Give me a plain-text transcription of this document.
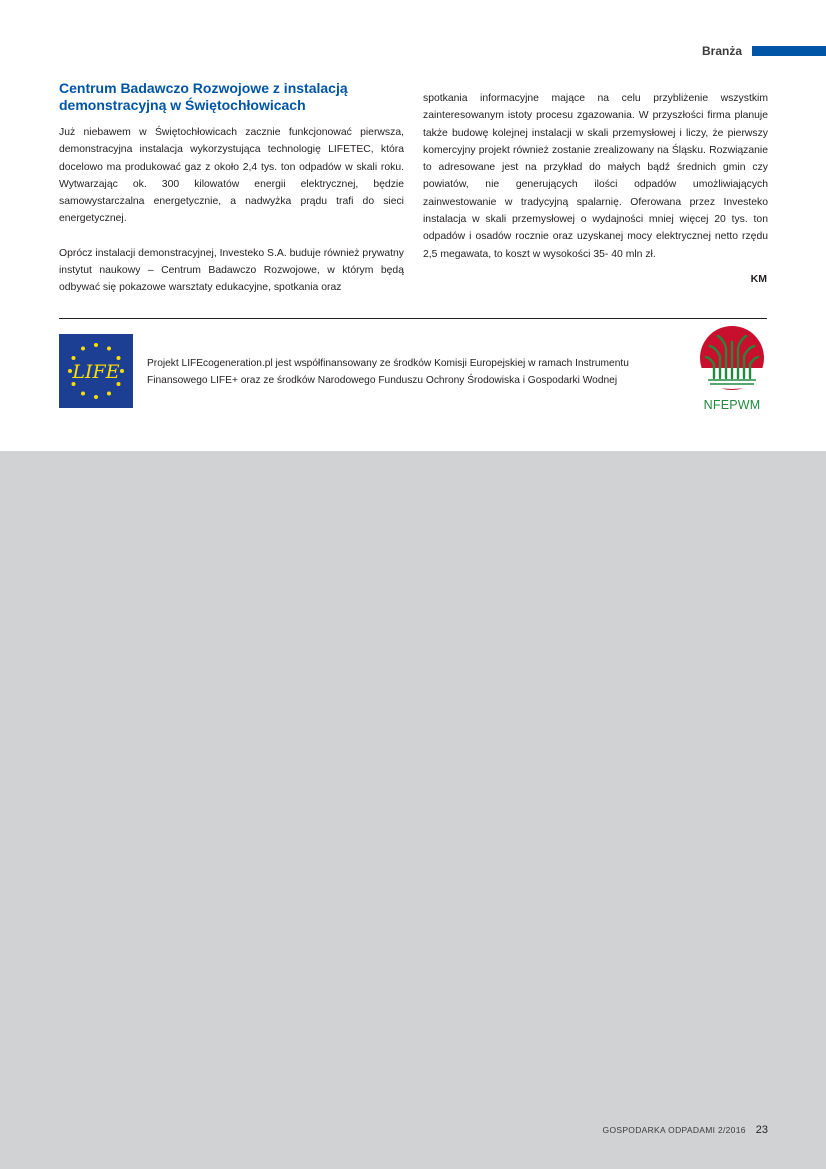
Branża
Centrum Badawczo Rozwojowe z instalacją demonstracyjną w Świętochłowicach

Już niebawem w Świętochłowicach zacznie funkcjonować pierwsza, demonstracyjna instalacja wykorzystująca technologię LIFETEC, która docelowo ma produkować gaz z około 2,4 tys. ton odpadów w skali roku. Wytwarzając ok. 300 kilowatów energii elektrycznej, będzie samowystarczalna energetycznie, a nadwyżka prądu trafi do sieci energetycznej.

Oprócz instalacji demonstracyjnej, Investeko S.A. buduje również prywatny instytut naukowy – Centrum Badawczo Rozwojowe, w którym będą odbywać się pokazowe warsztaty edukacyjne, spotkania oraz

spotkania informacyjne mające na celu przybliżenie wszystkim zainteresowanym istoty procesu zgazowania. W przyszłości firma planuje także budowę kolejnej instalacji w skali przemysłowej i liczy, że pierwszy komercyjny projekt również zostanie zrealizowany na Śląsku. Rozwiązanie to adresowane jest na przykład do małych bądź średnich gmin czy powiatów, nie generujących ilości odpadów umożliwiających zainwestowanie w tradycyjną spalarnię. Oferowana przez Investeko instalacja w skali przemysłowej o wydajności mniej więcej 20 tys. ton odpadów i osadów rocznie oraz uzyskanej mocy elektrycznej netto rzędu 2,5 megawata, to koszt w wysokości 35- 40 mln zł.

KM
LIFE	Projekt LIFEcogeneration.pl jest współfinansowany ze środków Komisji Europejskiej w ramach Instrumentu Finansowego LIFE+ oraz ze środków Narodowego Funduszu Ochrony Środowiska i Gospodarki Wodnej
NFEPWM
GOSPODARKA ODPADAMI 2/2016 23
